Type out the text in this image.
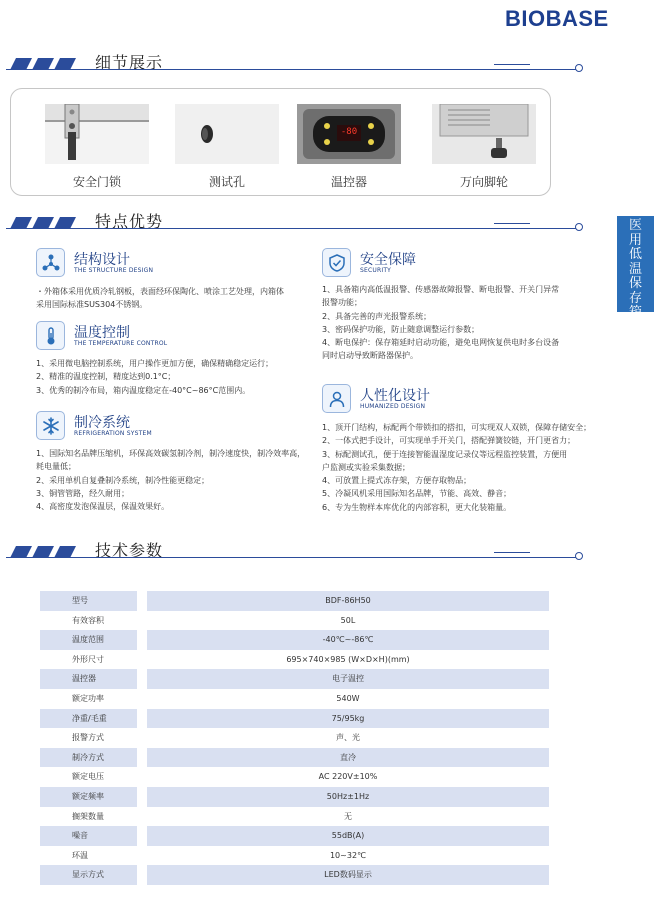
BIOBASE
医
用
低
温
保
存
箱
细节展示
安全门锁	测试孔
-80
温控器	万向脚轮
特点优势
结构设计
THE STRUCTURE DESIGN

・外箱体采用优质冷轧钢板，表面经环保陶化、喷涂工艺处理，内箱体

采用国际标准SUS304不锈钢。

温度控制
THE TEMPERATURE CONTROL

1、采用微电脑控制系统，用户操作更加方便，确保精确稳定运行；

2、精准的温度控制，精度达到0.1°C；

3、优秀的制冷布局，箱内温度稳定在-40°C~86°C范围内。

制冷系统
REFRIGERATION SYSTEM

1、国际知名品牌压缩机，环保高效碳氢制冷剂，制冷速度快，制冷效率高，

耗电量低；

2、采用单机自复叠制冷系统，制冷性能更稳定；

3、铜管管路，经久耐用；

4、高密度发泡保温层，保温效果好。

安全保障
SECURITY

1、具备箱内高低温报警、传感器故障报警、断电报警、开关门异常

报警功能；

2、具备完善的声光报警系统；

3、密码保护功能，防止随意调整运行参数；

4、断电保护：保存箱延时启动功能，避免电网恢复供电时多台设备

同时启动导致断路器保护。

人性化设计
HUMANIZED DESIGN

1、顶开门结构，标配两个带锁扣的搭扣，可实现双人双锁，保障存储安全；

2、一体式把手设计，可实现单手开关门，搭配弹簧铰链，开门更省力；

3、标配测试孔，便于连接智能温湿度记录仪等远程监控装置，方便用

户监测或实验采集数据；

4、可放置上提式冻存架，方便存取物品；

5、冷凝风机采用国际知名品牌，节能、高效、静音；

6、专为生物样本库优化的内部容积，更大化装箱量。

技术参数
型号	BDF-86H50
有效容积	50L
温度范围	-40℃~-86℃
外形尺寸	695×740×985 (W×D×H)(mm)
温控器	电子温控
额定功率	540W
净重/毛重	75/95kg
报警方式	声、光
制冷方式	直冷
额定电压	AC 220V±10%
额定频率	50Hz±1Hz
搁架数量	无
噪音	55dB(A)
环温	10~32℃
显示方式	LED数码显示
